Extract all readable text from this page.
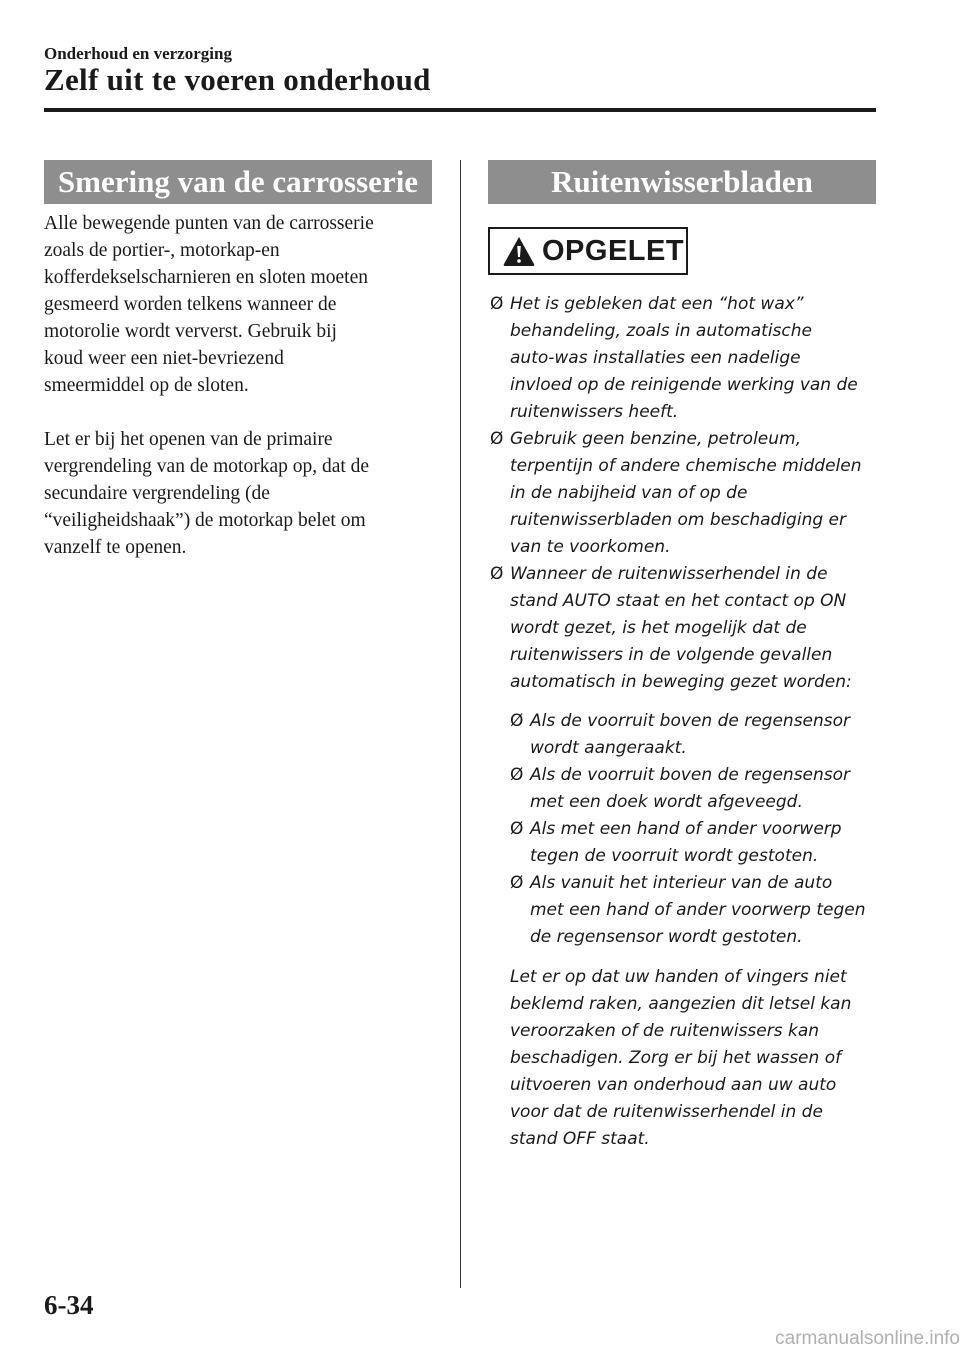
Onderhoud en verzorging

Zelf uit te voeren onderhoud
Smering van de carrosserie

Alle bewegende punten van de carrosserie
zoals de portier-, motorkap-en
kofferdekselscharnieren en sloten moeten
gesmeerd worden telkens wanneer de
motorolie wordt ververst. Gebruik bij
koud weer een niet-bevriezend
smeermiddel op de sloten.

Let er bij het openen van de primaire
vergrendeling van de motorkap op, dat de
secundaire vergrendeling (de
“veiligheidshaak”) de motorkap belet om
vanzelf te openen.

Ruitenwisserbladen
OPGELET
Ø Het is gebleken dat een “hot wax”
behandeling, zoals in automatische
auto-was installaties een nadelige
invloed op de reinigende werking van de
ruitenwissers heeft.
Ø Gebruik geen benzine, petroleum,
terpentijn of andere chemische middelen
in de nabijheid van of op de
ruitenwisserbladen om beschadiging er
van te voorkomen.
Ø Wanneer de ruitenwisserhendel in de
stand AUTO staat en het contact op ON
wordt gezet, is het mogelijk dat de
ruitenwissers in de volgende gevallen
automatisch in beweging gezet worden:
Ø Als de voorruit boven de regensensor
wordt aangeraakt.
Ø Als de voorruit boven de regensensor
met een doek wordt afgeveegd.
Ø Als met een hand of ander voorwerp
tegen de voorruit wordt gestoten.
Ø Als vanuit het interieur van de auto
met een hand of ander voorwerp tegen
de regensensor wordt gestoten.

Let er op dat uw handen of vingers niet
beklemd raken, aangezien dit letsel kan
veroorzaken of de ruitenwissers kan
beschadigen. Zorg er bij het wassen of
uitvoeren van onderhoud aan uw auto
voor dat de ruitenwisserhendel in de
stand OFF staat.

6-34

carmanualsonline.info
